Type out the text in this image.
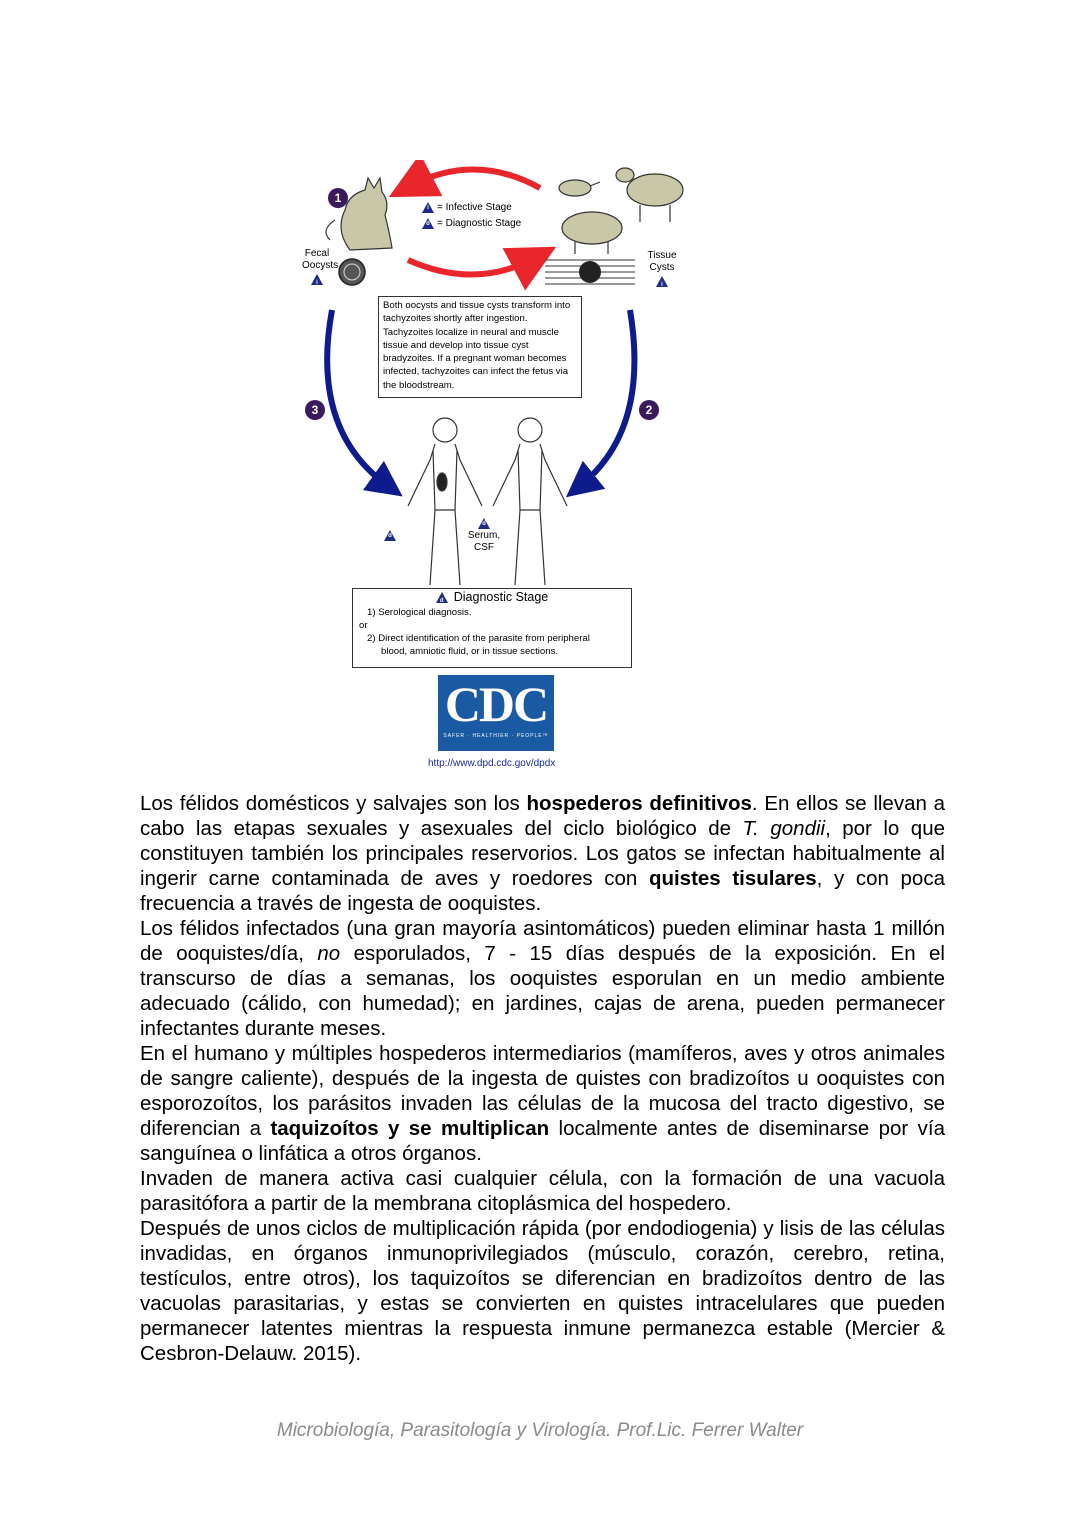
i = Infective Stage
d = Diagnostic Stage
1
2
3
Fecal
Oocysts
i
Tissue
Cysts
i
Both oocysts and tissue cysts transform into tachyzoites shortly after ingestion. Tachyzoites localize in neural and muscle tissue and develop into tissue cyst bradyzoites. If a pregnant woman becomes infected, tachyzoites can infect the fetus via the bloodstream.
d
d
Serum,
CSF
d Diagnostic Stage
1) Serological diagnosis.
or
2) Direct identification of the parasite from peripheral
blood, amniotic fluid, or in tissue sections.
CDC
SAFER · HEALTHIER · PEOPLE™
http://www.dpd.cdc.gov/dpdx

Los félidos domésticos y salvajes son los hospederos definitivos. En ellos se llevan a cabo las etapas sexuales y asexuales del ciclo biológico de T. gondii, por lo que constituyen también los principales reservorios. Los gatos se infectan habitualmente al ingerir carne contaminada de aves y roedores con quistes tisulares, y con poca frecuencia a través de ingesta de ooquistes.

Los félidos infectados (una gran mayoría asintomáticos) pueden eliminar hasta 1 millón de ooquistes/día, no esporulados, 7 - 15 días después de la exposición. En el transcurso de días a semanas, los ooquistes esporulan en un medio ambiente adecuado (cálido, con humedad); en jardines, cajas de arena, pueden permanecer infectantes durante meses.

En el humano y múltiples hospederos intermediarios (mamíferos, aves y otros animales de sangre caliente), después de la ingesta de quistes con bradizoítos u ooquistes con esporozoítos, los parásitos invaden las células de la mucosa del tracto digestivo, se diferencian a taquizoítos y se multiplican localmente antes de diseminarse por vía sanguínea o linfática a otros órganos.

Invaden de manera activa casi cualquier célula, con la formación de una vacuola parasitófora a partir de la membrana citoplásmica del hospedero.

Después de unos ciclos de multiplicación rápida (por endodiogenia) y lisis de las células invadidas, en órganos inmunoprivilegiados (músculo, corazón, cerebro, retina, testículos, entre otros), los taquizoítos se diferencian en bradizoítos dentro de las vacuolas parasitarias, y estas se convierten en quistes intracelulares que pueden permanecer latentes mientras la respuesta inmune permanezca estable (Mercier & Cesbron-Delauw. 2015).

Microbiología, Parasitología y Virología. Prof.Lic. Ferrer Walter
